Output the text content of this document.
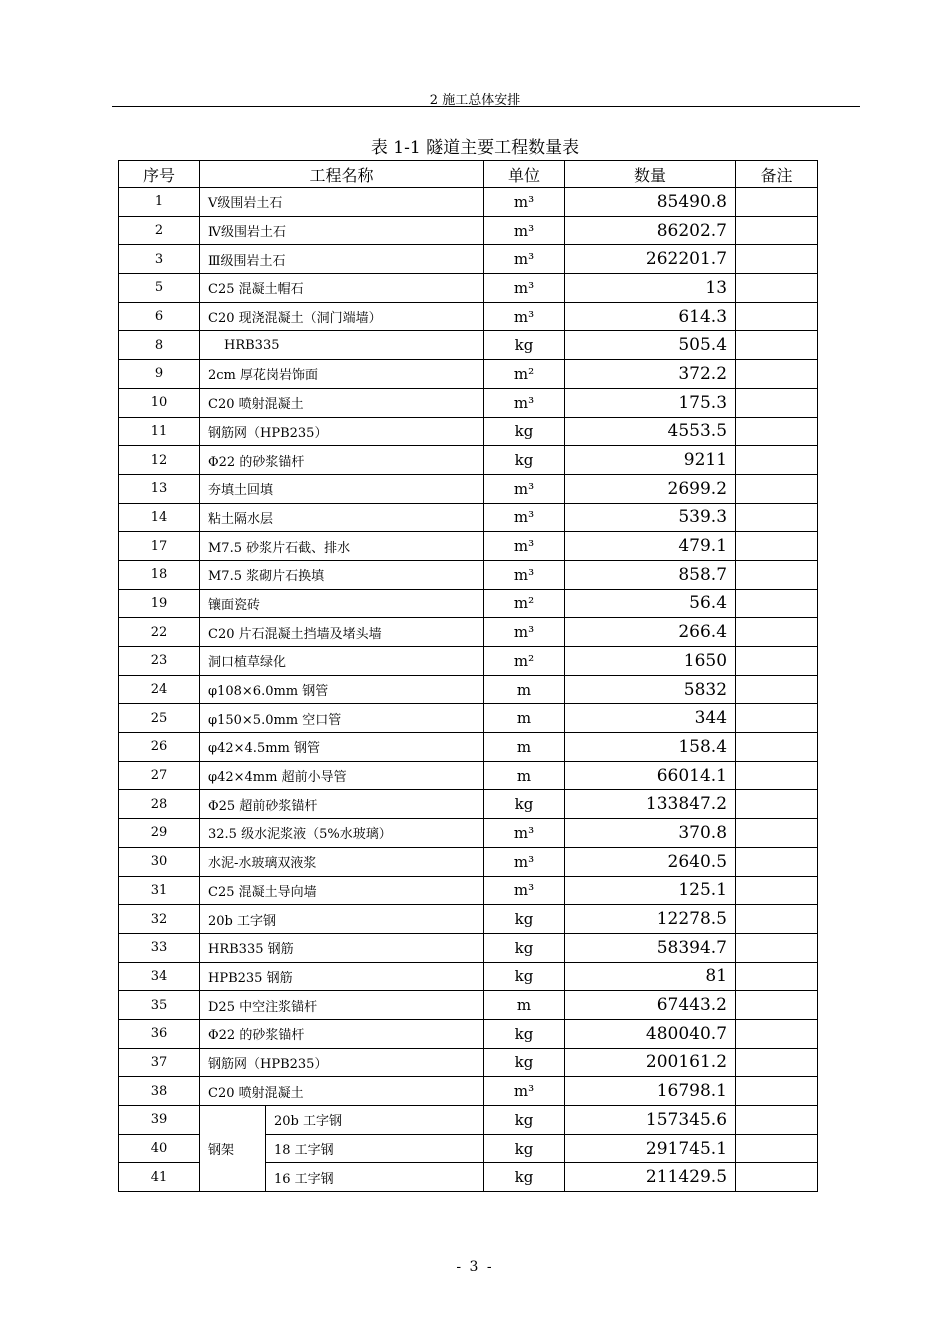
2 施工总体安排
表 1-1 隧道主要工程数量表
序号	工程名称		单位	数量	备注
1	Ⅴ级围岩土石		m³	85490.8	
2	Ⅳ级围岩土石		m³	86202.7	
3	Ⅲ级围岩土石		m³	262201.7	
5	C25 混凝土帽石		m³	13	
6	C20 现浇混凝土（洞门端墙）		m³	614.3	
8	HRB335		kg	505.4	
9	2cm 厚花岗岩饰面		m²	372.2	
10	C20 喷射混凝土		m³	175.3	
11	钢筋网（HPB235）		kg	4553.5	
12	Φ22 的砂浆锚杆		kg	9211	
13	夯填土回填		m³	2699.2	
14	粘土隔水层		m³	539.3	
17	M7.5 砂浆片石截、排水		m³	479.1	
18	M7.5 浆砌片石换填		m³	858.7	
19	镶面瓷砖		m²	56.4	
22	C20 片石混凝土挡墙及堵头墙		m³	266.4	
23	洞口植草绿化		m²	1650	
24	φ108×6.0mm 钢管		m	5832	
25	φ150×5.0mm 空口管		m	344	
26	φ42×4.5mm 钢管		m	158.4	
27	φ42×4mm 超前小导管		m	66014.1	
28	Φ25 超前砂浆锚杆		kg	133847.2	
29	32.5 级水泥浆液（5%水玻璃）		m³	370.8	
30	水泥-水玻璃双液浆		m³	2640.5	
31	C25 混凝土导向墙		m³	125.1	
32	20b 工字钢		kg	12278.5	
33	HRB335 钢筋		kg	58394.7	
34	HPB235 钢筋		kg	81	
35	D25 中空注浆锚杆		m	67443.2	
36	Φ22 的砂浆锚杆		kg	480040.7	
37	钢筋网（HPB235）		kg	200161.2	
38	C20 喷射混凝土		m³	16798.1	
39	钢架	20b 工字钢	kg	157345.6	
40		18 工字钢	kg	291745.1	
41		16 工字钢	kg	211429.5	
- 3 -
